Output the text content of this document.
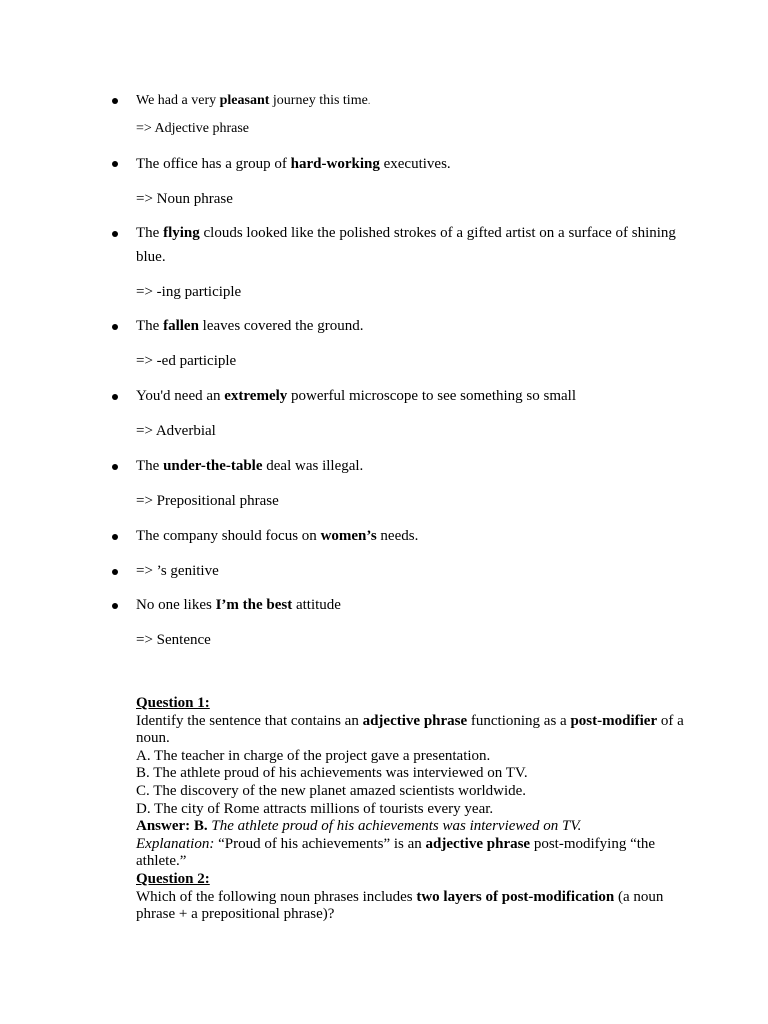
We had a very pleasant journey this time.
=> Adjective phrase
The office has a group of hard-working executives.
=> Noun phrase
The flying clouds looked like the polished strokes of a gifted artist on a surface of shining blue.
=> -ing participle
The fallen leaves covered the ground.
=> -ed participle
You'd need an extremely powerful microscope to see something so small
=> Adverbial
The under-the-table deal was illegal.
=> Prepositional phrase
The company should focus on women’s needs.
=> ’s genitive
No one likes I’m the best attitude
=> Sentence
Question 1:
Identify the sentence that contains an adjective phrase functioning as a post-modifier of a noun.
A. The teacher in charge of the project gave a presentation.
B. The athlete proud of his achievements was interviewed on TV.
C. The discovery of the new planet amazed scientists worldwide.
D. The city of Rome attracts millions of tourists every year.
Answer: B. The athlete proud of his achievements was interviewed on TV.
Explanation: “Proud of his achievements” is an adjective phrase post-modifying “the athlete.”
Question 2:
Which of the following noun phrases includes two layers of post-modification (a noun phrase + a prepositional phrase)?
